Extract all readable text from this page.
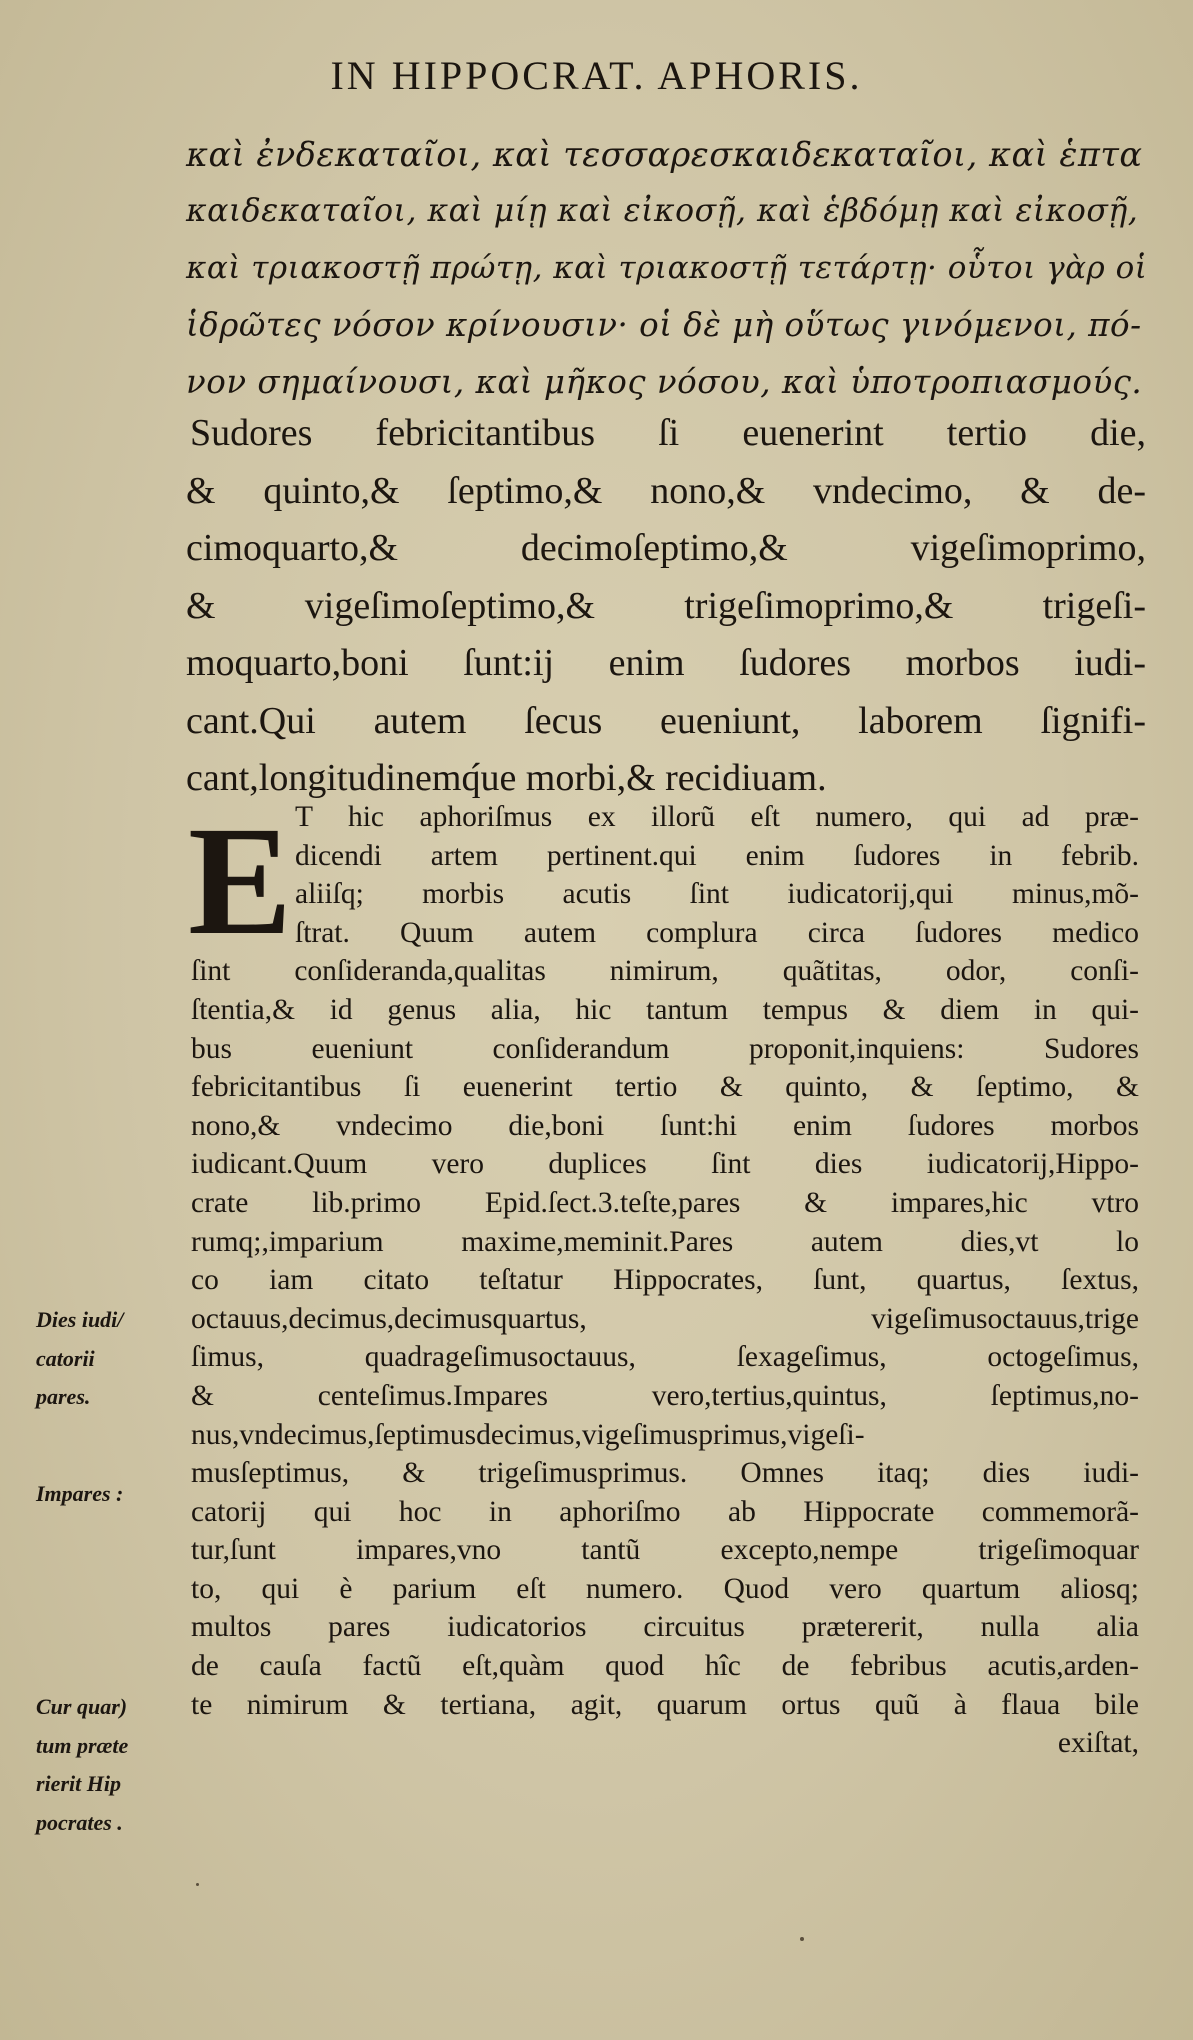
IN HIPPOCRAT. APHORIS.
καὶ ἐνδεκαταῖοι, καὶ τεσσαρεσκαιδεκαταῖοι, καὶ ἑπτα
καιδεκαταῖοι, καὶ μίῃ καὶ εἰκοσῇ, καὶ ἑβδόμῃ καὶ εἰκοσῇ,
καὶ τριακοστῇ πρώτῃ, καὶ τριακοστῇ τετάρτῃ· οὗτοι γὰρ οἱ
ἱδρῶτες νόσον κρίνουσιν· οἱ δὲ μὴ οὕτως γινόμενοι, πό-
νον σημαίνουσι, καὶ μῆκος νόσου, καὶ ὑποτροπιασμούς.
Sudores febricitantibus ſi euenerint tertio die,
& quinto,& ſeptimo,& nono,& vndecimo, & de-
cimoquarto,& decimoſeptimo,& vigeſimoprimo,
& vigeſimoſeptimo,& trigeſimoprimo,& trigeſi-
moquarto,boni ſunt:ij enim ſudores morbos iudi-
cant.Qui autem ſecus eueniunt, laborem ſignifi-
cant,longitudinemq́ue morbi,& recidiuam.
E T hic aphoriſmus ex illorũ eſt numero, qui ad præ-
dicendi artem pertinent.qui enim ſudores in febrib.
aliiſq; morbis acutis ſint iudicatorij,qui minus,mõ-
ſtrat. Quum autem complura circa ſudores medico
ſint conſideranda,qualitas nimirum, quãtitas, odor, conſi-
ſtentia,& id genus alia, hic tantum tempus & diem in qui-
bus eueniunt conſiderandum proponit,inquiens: Sudores
febricitantibus ſi euenerint tertio & quinto, & ſeptimo, &
nono,& vndecimo die,boni ſunt:hi enim ſudores morbos
iudicant.Quum vero duplices ſint dies iudicatorij,Hippo-
crate lib.primo Epid.ſect.3.teſte,pares & impares,hic vtro
rumq;,imparium maxime,meminit.Pares autem dies,vt lo
co iam citato teſtatur Hippocrates, ſunt, quartus, ſextus,
octauus,decimus,decimusquartus, vigeſimusoctauus,trige
ſimus, quadrageſimusoctauus, ſexageſimus, octogeſimus,
& centeſimus.Impares vero,tertius,quintus, ſeptimus,no-
nus,vndecimus,ſeptimusdecimus,vigeſimusprimus,vigeſi-
musſeptimus, & trigeſimusprimus. Omnes itaq; dies iudi-
catorij qui hoc in aphoriſmo ab Hippocrate commemorã-
tur,ſunt impares,vno tantũ excepto,nempe trigeſimoquar
to, qui è parium eſt numero. Quod vero quartum aliosq;
multos pares iudicatorios circuitus prætererit, nulla alia
de cauſa factũ eſt,quàm quod hîc de febribus acutis,arden-
te nimirum & tertiana, agit, quarum ortus quũ à flaua bile
exiſtat,
Dies iudi/
catorii
pares.
Impares :
Cur quar)
tum præte
rierit Hip
pocrates .
